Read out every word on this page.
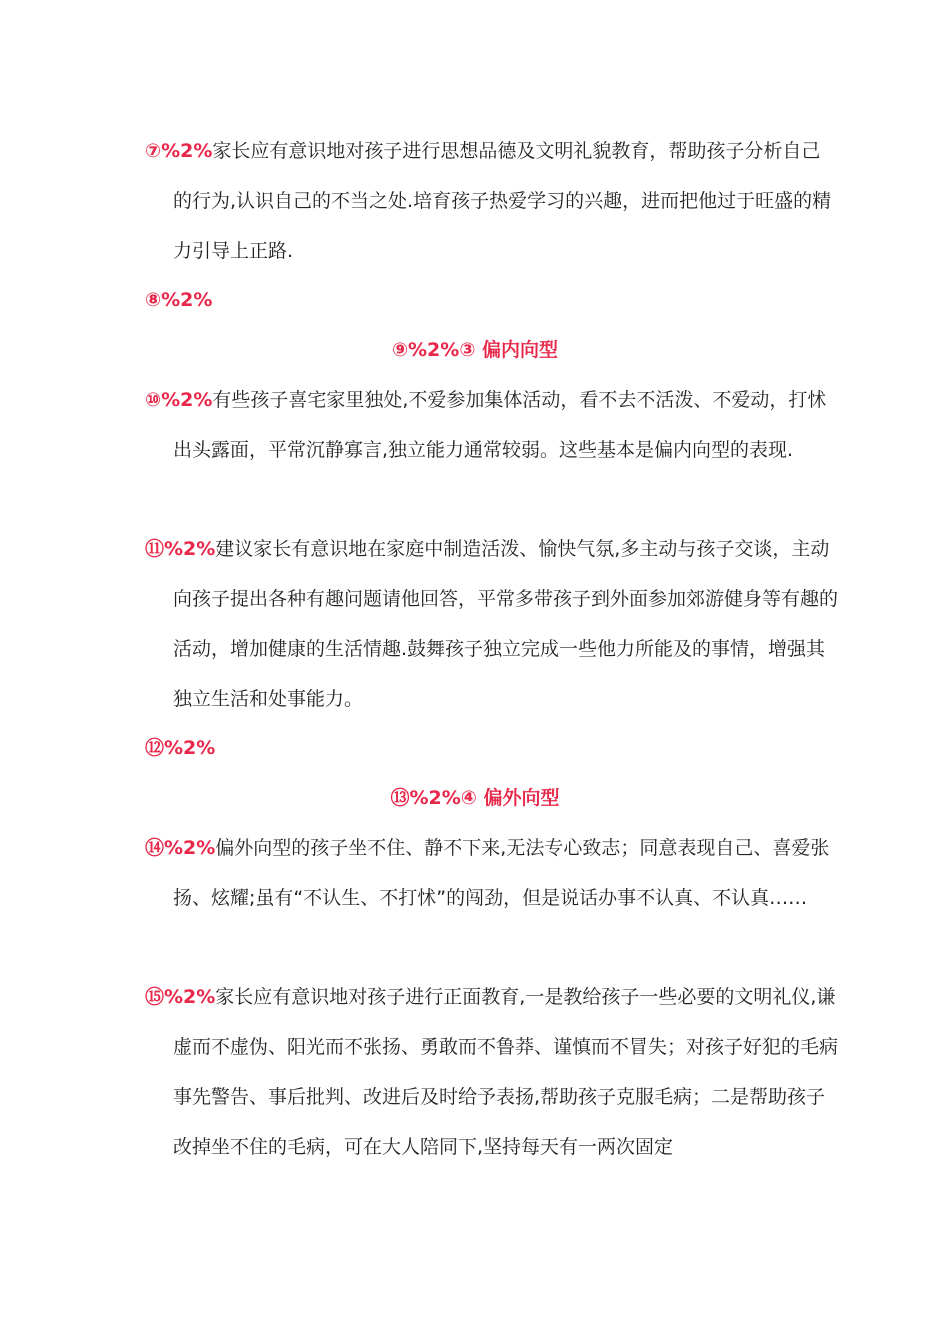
⑦%2%家长应有意识地对孩子进行思想品德及文明礼貌教育，帮助孩子分析自己的行为,认识自己的不当之处.培育孩子热爱学习的兴趣，进而把他过于旺盛的精力引导上正路.

⑧%2%

⑨%2%③ 偏内向型

⑩%2%有些孩子喜宅家里独处,不爱参加集体活动，看不去不活泼、不爱动，打怵出头露面，平常沉静寡言,独立能力通常较弱。这些基本是偏内向型的表现.

⑪%2%建议家长有意识地在家庭中制造活泼、愉快气氛,多主动与孩子交谈，主动向孩子提出各种有趣问题请他回答，平常多带孩子到外面参加郊游健身等有趣的活动，增加健康的生活情趣.鼓舞孩子独立完成一些他力所能及的事情，增强其独立生活和处事能力。

⑫%2%

⑬%2%④ 偏外向型

⑭%2%偏外向型的孩子坐不住、静不下来,无法专心致志；同意表现自己、喜爱张扬、炫耀;虽有“不认生、不打怵”的闯劲，但是说话办事不认真、不认真……

⑮%2%家长应有意识地对孩子进行正面教育,一是教给孩子一些必要的文明礼仪,谦虚而不虚伪、阳光而不张扬、勇敢而不鲁莽、谨慎而不冒失；对孩子好犯的毛病事先警告、事后批判、改进后及时给予表扬,帮助孩子克服毛病；二是帮助孩子改掉坐不住的毛病，可在大人陪同下,坚持每天有一两次固定
